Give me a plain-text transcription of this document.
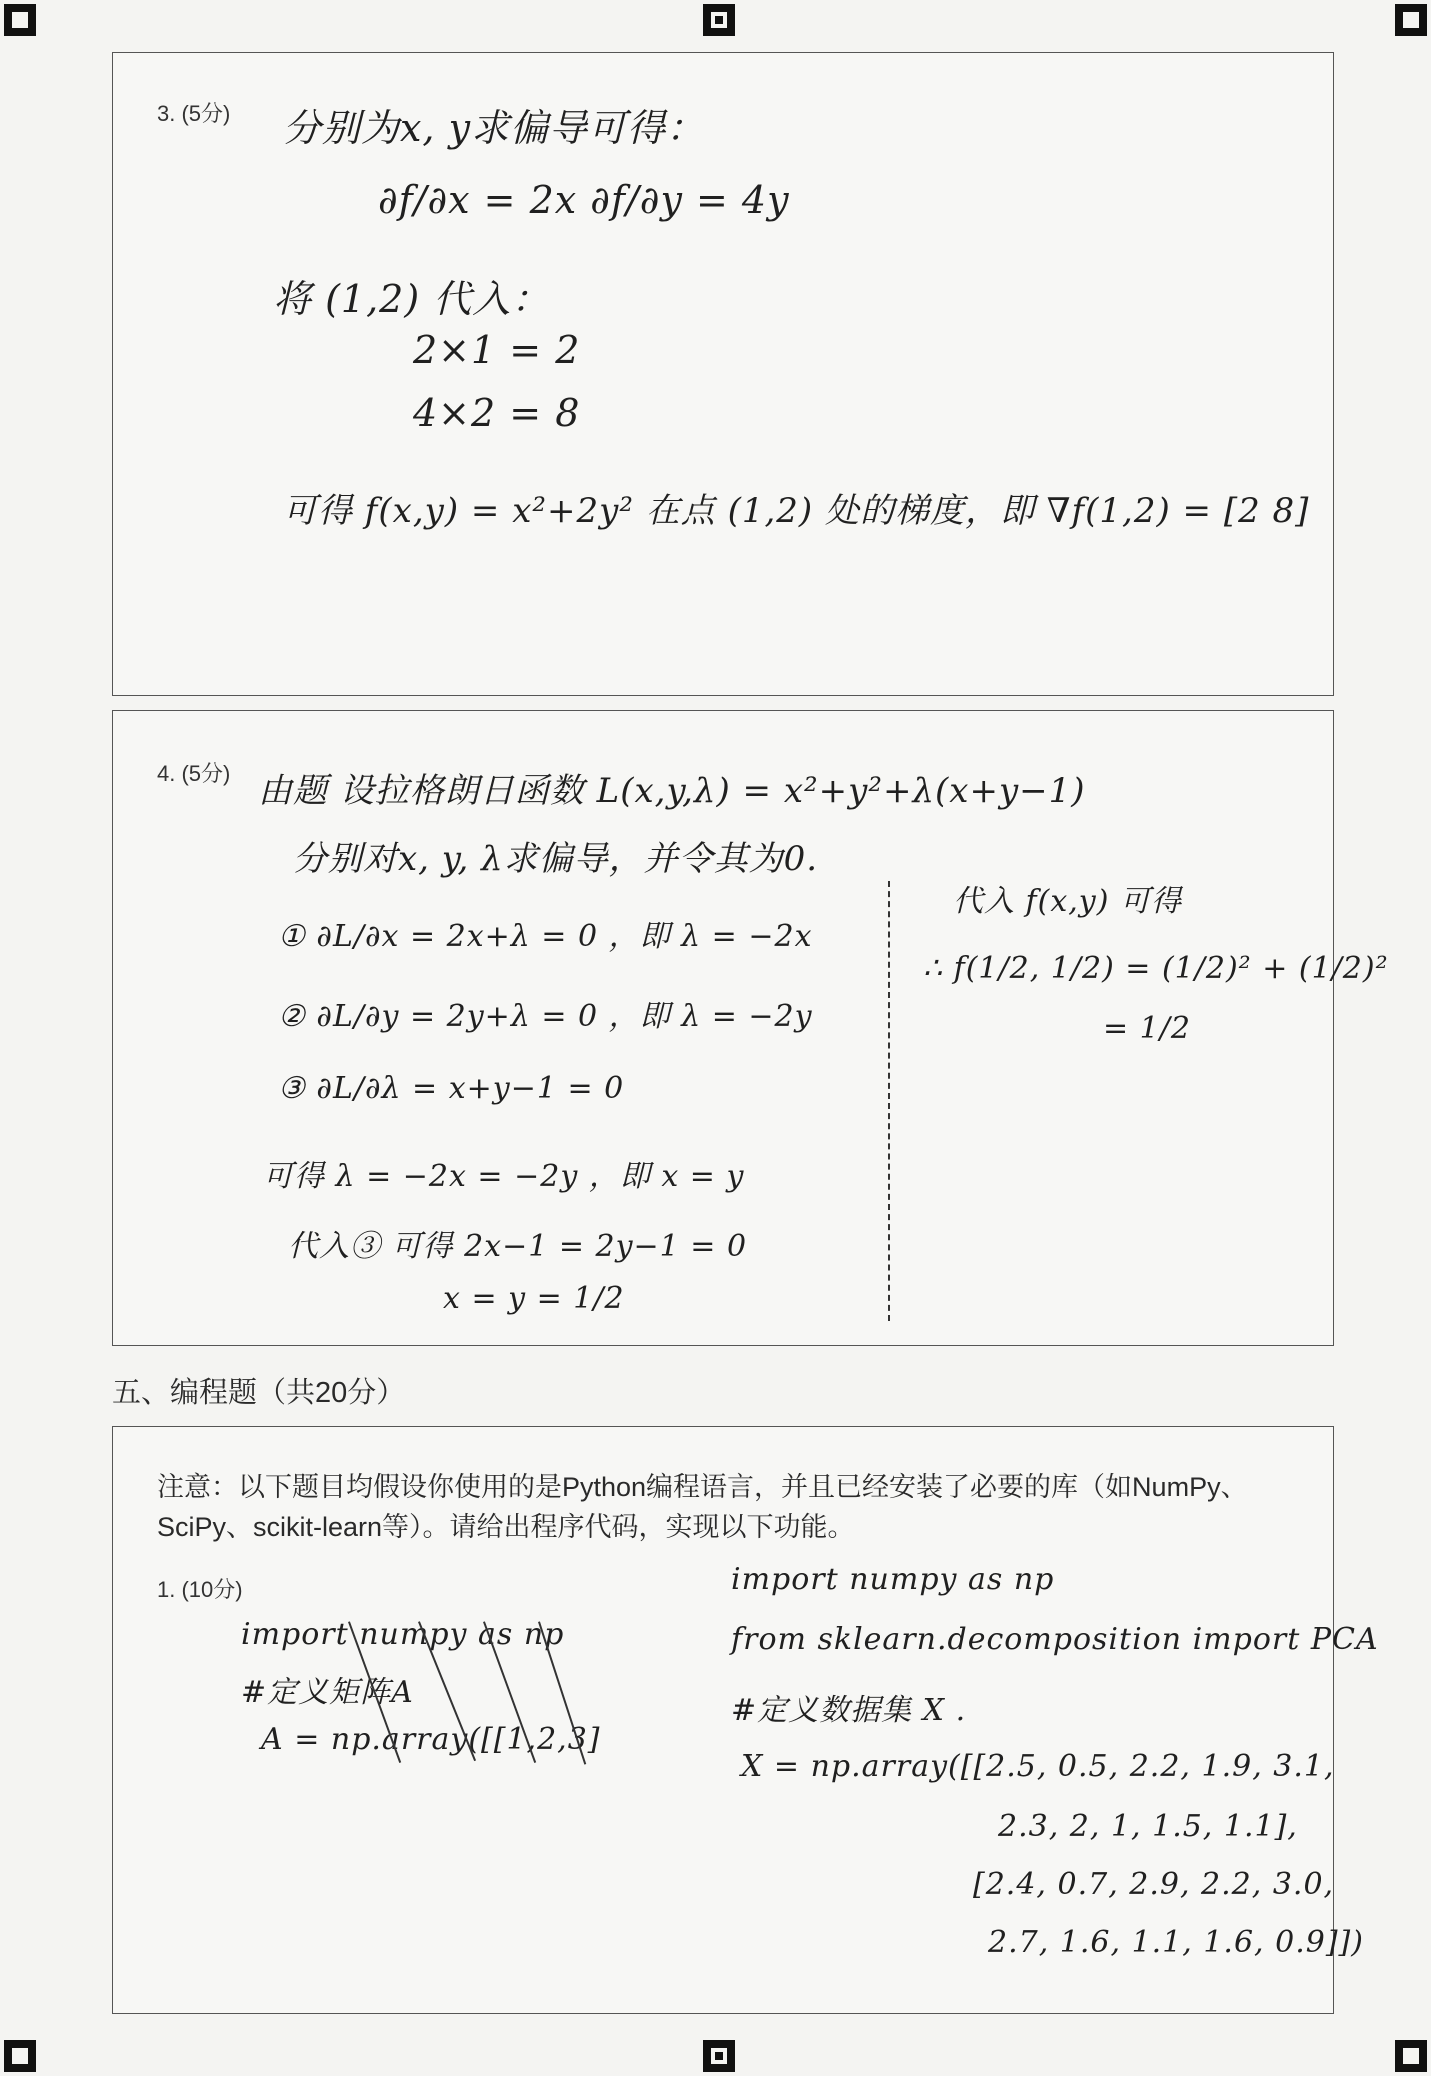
3. (5分) 分别为x, y求偏导可得：
∂f/∂x = 2x ∂f/∂y = 4y
将 (1,2) 代入：
2×1 = 2
4×2 = 8
可得 f(x,y) = x²+2y² 在点 (1,2) 处的梯度，即 ∇f(1,2) = [2 8]
4. (5分) 由题 设拉格朗日函数 L(x,y,λ) = x²+y²+λ(x+y−1)
分别对x, y, λ求偏导，并令其为0.
① ∂L/∂x = 2x+λ = 0 ，即 λ = −2x
② ∂L/∂y = 2y+λ = 0 ，即 λ = −2y
③ ∂L/∂λ = x+y−1 = 0
可得 λ = −2x = −2y ，即 x = y
代入③ 可得 2x−1 = 2y−1 = 0
x = y = 1/2
代入 f(x,y) 可得
∴ f(1/2, 1/2) = (1/2)² + (1/2)²
= 1/2
五、编程题（共20分）
注意：以下题目均假设你使用的是Python编程语言，并且已经安装了必要的库（如NumPy、SciPy、scikit-learn等）。请给出程序代码，实现以下功能。
1. (10分)
import numpy as np
#定义矩阵A
A = np.array([[1,2,3]
import numpy as np
from sklearn.decomposition import PCA
#定义数据集 X .
X = np.array([[2.5, 0.5, 2.2, 1.9, 3.1,
2.3, 2, 1, 1.5, 1.1],
[2.4, 0.7, 2.9, 2.2, 3.0,
2.7, 1.6, 1.1, 1.6, 0.9]])
